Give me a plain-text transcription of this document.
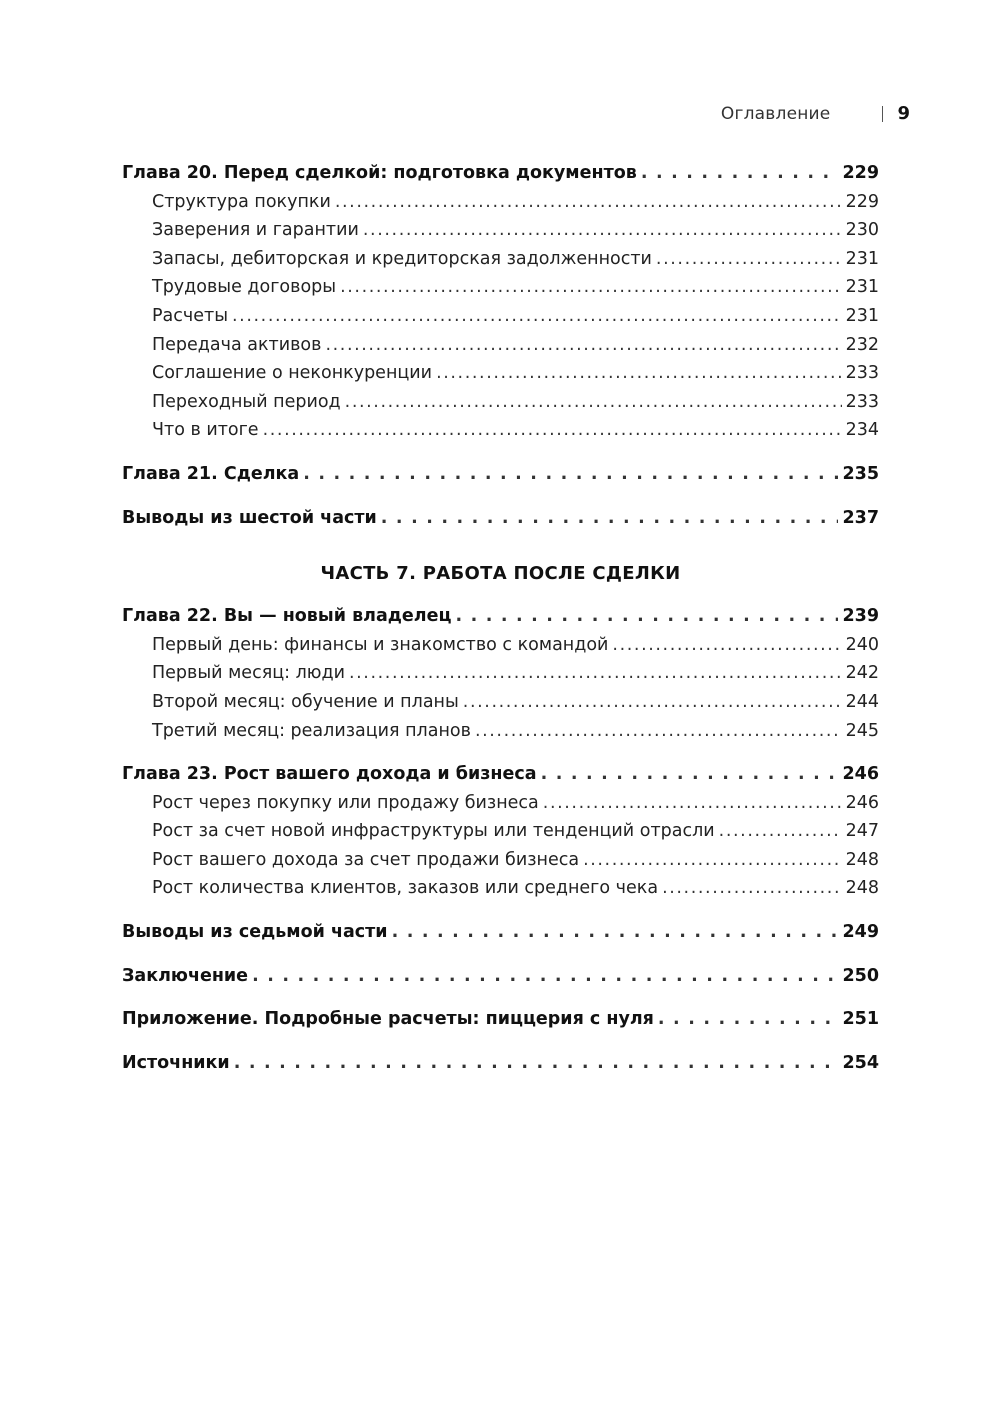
Оглавление	9
Глава 20. Перед сделкой: подготовка документов . . .	229
Структура покупки .....	229
Заверения и гарантии .....	230
Запасы, дебиторская и кредиторская задолженности .....	231
Трудовые договоры .....	231
Расчеты .....	231
Передача активов .....	232
Соглашение о неконкуренции .....	233
Переходный период .....	233
Что в итоге .....	234
Глава 21. Сделка . . .	235
Выводы из шестой части . . .	237
ЧАСТЬ 7. РАБОТА ПОСЛЕ СДЕЛКИ
Глава 22. Вы — новый владелец . . .	239
Первый день: финансы и знакомство с командой .....	240
Первый месяц: люди .....	242
Второй месяц: обучение и планы .....	244
Третий месяц: реализация планов .....	245
Глава 23. Рост вашего дохода и бизнеса . . .	246
Рост через покупку или продажу бизнеса .....	246
Рост за счет новой инфраструктуры или тенденций отрасли .....	247
Рост вашего дохода за счет продажи бизнеса .....	248
Рост количества клиентов, заказов или среднего чека .....	248
Выводы из седьмой части . . .	249
Заключение . . .	250
Приложение. Подробные расчеты: пиццерия с нуля . . .	251
Источники . . .	254
